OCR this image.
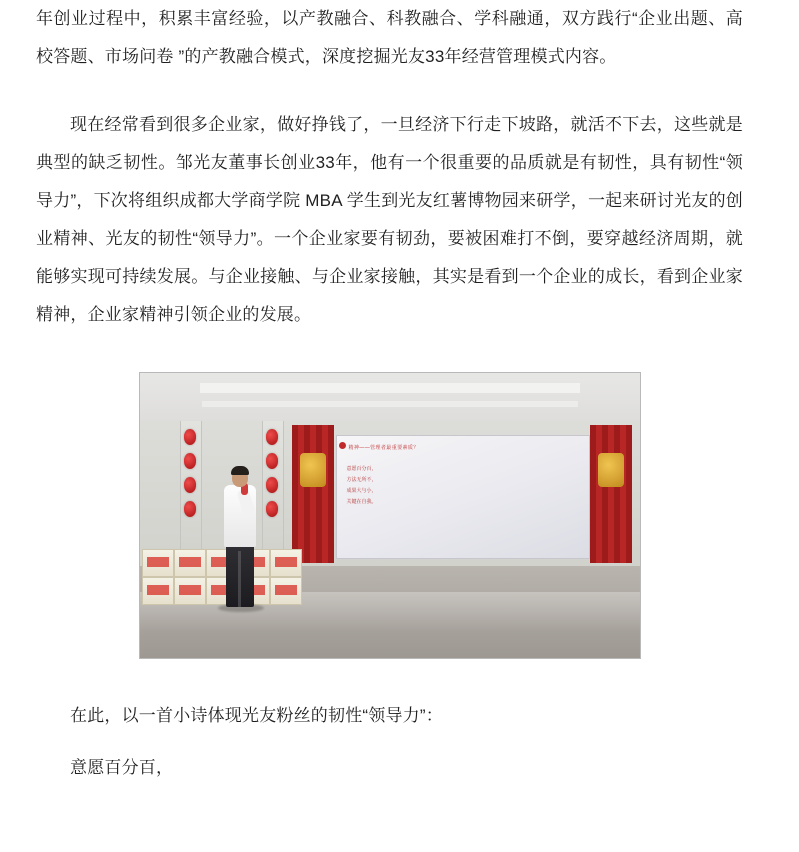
年创业过程中，积累丰富经验，以产教融合、科教融合、学科融通，双方践行“企业出题、高校答题、市场问卷 ”的产教融合模式，深度挖掘光友33年经营管理模式内容。

现在经常看到很多企业家，做好挣钱了，一旦经济下行走下坡路，就活不下去，这些就是典型的缺乏韧性。邹光友董事长创业33年，他有一个很重要的品质就是有韧性，具有韧性“领导力”，下次将组织成都大学商学院 MBA 学生到光友红薯博物园来研学，一起来研讨光友的创业精神、光友的韧性“领导力”。一个企业家要有韧劲，要被困难打不倒，要穿越经济周期，就能够实现可持续发展。与企业接触、与企业家接触，其实是看到一个企业的成长，看到企业家精神，企业家精神引领企业的发展。

精神——管理者最重要素质？
意愿百分百，
方法无所不，
成果大与小，
关键在自我。

在此，以一首小诗体现光友粉丝的韧性“领导力”：

意愿百分百，
